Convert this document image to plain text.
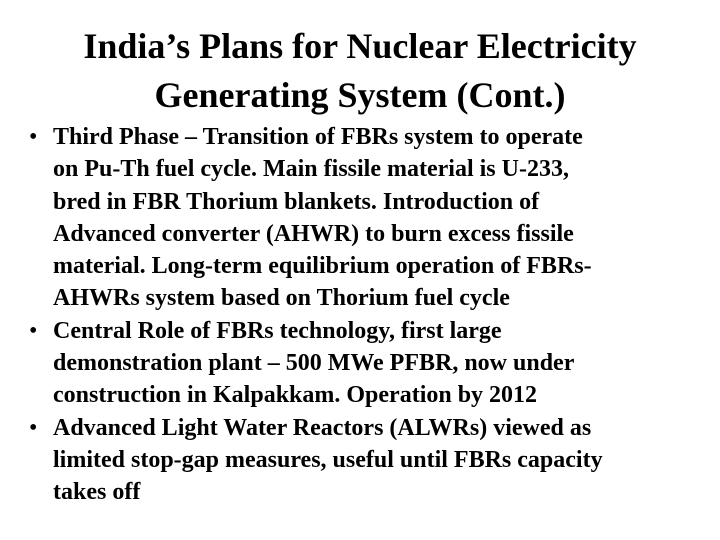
India’s Plans for Nuclear Electricity
Generating System (Cont.)
• Third Phase – Transition of FBRs system to operate
on Pu-Th fuel cycle. Main fissile material is U-233,
bred in FBR Thorium blankets. Introduction of
Advanced converter (AHWR) to burn excess fissile
material. Long-term equilibrium operation of FBRs-
AHWRs system based on Thorium fuel cycle
• Central Role of FBRs technology, first large
demonstration plant – 500 MWe PFBR, now under
construction in Kalpakkam. Operation by 2012
• Advanced Light Water Reactors (ALWRs) viewed as
limited stop-gap measures, useful until FBRs capacity
takes off
